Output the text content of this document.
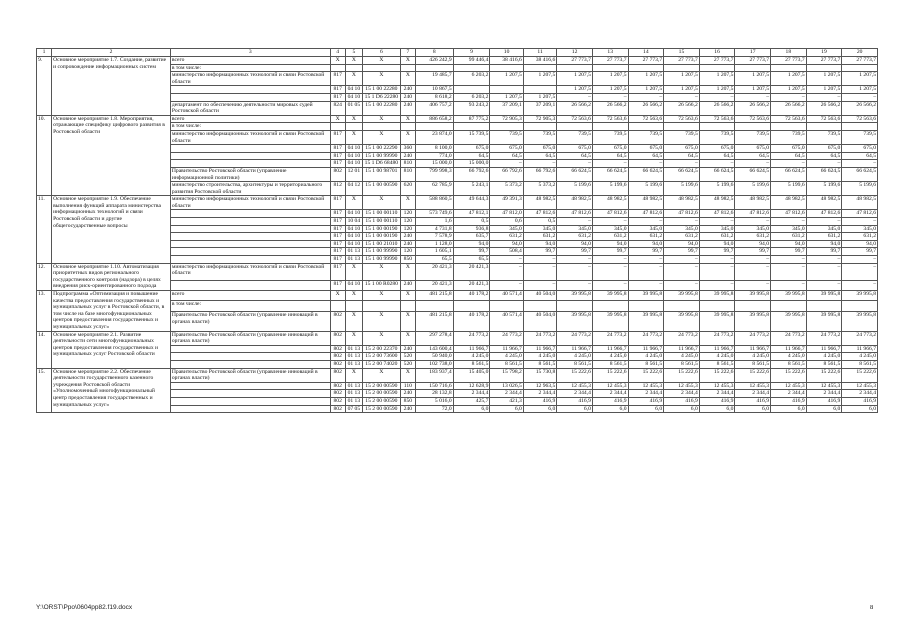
1	2	3	4	5	6	7	8	9	10	11	12	13	14	15	16	17	18	19	20
9.	Основное мероприятие 1.7. Создание, развитие и сопровождение информационных систем	всего	X	X	X	X	426 242,9	99 446,4	38 416,6	38 416,6	27 773,7	27 773,7	27 773,7	27 773,7	27 773,7	27 773,7	27 773,7	27 773,7	27 773,7
		в том числе:																	
		министерство информационных технологий и связи Ростовской области	817	X	X	X	19 485,7	6 203,2	1 207,5	1 207,5	1 207,5	1 207,5	1 207,5	1 207,5	1 207,5	1 207,5	1 207,5	1 207,5	1 207,5
			817	04 10	15 1 00 22280	240	10 867,5				1 207,5	1 207,5	1 207,5	1 207,5	1 207,5	1 207,5	1 207,5	1 207,5	1 207,5
			817	04 10	15 1 D6 22280	240	8 618,2	6 203,2	1 207,5	1 207,5	–	–	–	–	–	–	–	–	–
		департамент по обеспечению деятельности мировых судей Ростовской области	824	01 05	15 1 00 22280	240	406 757,2	93 243,2	37 209,1	37 209,1	26 566,2	26 566,2	26 566,2	26 566,2	26 566,2	26 566,2	26 566,2	26 566,2	26 566,2
10.	Основное мероприятие 1.8. Мероприятия, отражающие специфику цифрового развития в Ростовской области	всего	X	X	X	X	886 658,2	87 775,2	72 905,3	72 905,3	72 563,6	72 563,6	72 563,6	72 563,6	72 563,6	72 563,6	72 563,6	72 563,6	72 563,6
		в том числе:																	
		министерство информационных технологий и связи Ростовской области	817	X	X	X	23 874,0	15 739,5	739,5	739,5	739,5	739,5	739,5	739,5	739,5	739,5	739,5	739,5	739,5
			817	04 10	15 1 00 22290	360	8 100,0	675,0	675,0	675,0	675,0	675,0	675,0	675,0	675,0	675,0	675,0	675,0	675,0
			817	04 10	15 1 00 99990	240	774,0	64,5	64,5	64,5	64,5	64,5	64,5	64,5	64,5	64,5	64,5	64,5	64,5
			817	04 10	15 1 D6 68480	810	15 000,0	15 000,0	–	–	–	–	–	–	–	–	–	–	–
		Правительство Ростовской области (управление информационной политики)	802	12 01	15 1 00 98701	810	799 998,3	66 792,6	66 792,6	66 792,6	66 624,5	66 624,5	66 624,5	66 624,5	66 624,5	66 624,5	66 624,5	66 624,5	66 624,5
		министерство строительства, архитектуры и территориального развития Ростовской области	812	04 12	15 1 00 00590	620	62 785,9	5 243,1	5 373,2	5 373,2	5 199,6	5 199,6	5 199,6	5 199,6	5 199,6	5 199,6	5 199,6	5 199,6	5 199,6
11.	Основное мероприятие 1.9. Обеспечение выполнения функций аппарата министерства информационных технологий и связи Ростовской области и другие общегосударственные вопросы	министерство информационных технологий и связи Ростовской области	817	X	X	X	588 860,5	49 644,3	49 391,3	48 982,5	48 982,5	48 982,5	48 982,5	48 982,5	48 982,5	48 982,5	48 982,5	48 982,5	48 982,5
			817	04 10	15 1 00 00110	120	573 749,6	47 812,1	47 812,0	47 812,6	47 812,6	47 812,6	47 812,6	47 812,6	47 812,6	47 812,6	47 812,6	47 812,6	47 812,6
			817	10 04	15 1 00 00110	120	1,6	0,5	0,6	0,5	–	–	–	–	–	–	–	–	–
			817	04 10	15 1 00 00190	120	4 731,8	936,8	345,0	345,0	345,0	345,0	345,0	345,0	345,0	345,0	345,0	345,0	345,0
			817	04 10	15 1 00 00190	240	7 578,9	635,7	631,2	631,2	631,2	631,2	631,2	631,2	631,2	631,2	631,2	631,2	631,2
			817	04 10	15 1 00 21010	240	1 128,0	94,0	94,0	94,0	94,0	94,0	94,0	94,0	94,0	94,0	94,0	94,0	94,0
			817	01 13	15 1 00 99990	120	1 605,1	99,7	508,4	99,7	99,7	99,7	99,7	99,7	99,7	99,7	99,7	99,7	99,7
			817	01 13	15 1 00 99990	850	65,5	65,5	–	–	–	–	–	–	–	–	–	–	–
12.	Основное мероприятие 1.10. Автоматизация приоритетных видов регионального государственного контроля (надзора) в целях внедрения риск-ориентированного подхода	министерство информационных технологий и связи Ростовской области	817	X	X	X	20 421,3	20 421,3	–	–	–	–	–	–	–	–	–	–	–
			817	04 10	15 1 00 R0280	240	20 421,3	20 421,3	–	–	–	–	–	–	–	–	–	–	–
13.	Подпрограмма «Оптимизация и повышение качества предоставления государственных и муниципальных услуг в Ростовской области, в том числе на базе многофункциональных центров предоставления государственных и муниципальных услуг»	всего	X	X	X	X	481 215,8	40 178,2	40 571,4	40 504,0	39 995,8	39 995,8	39 995,8	39 995,8	39 995,8	39 995,8	39 995,8	39 995,8	39 995,8
		в том числе:																	
		Правительство Ростовской области (управление инноваций в органах власти)	802	X	X	X	481 215,8	40 178,2	40 571,4	40 504,0	39 995,8	39 995,8	39 995,8	39 995,8	39 995,8	39 995,8	39 995,8	39 995,8	39 995,8
14.	Основное мероприятие 2.1. Развитие деятельности сети многофункциональных центров предоставления государственных и муниципальных услуг Ростовской области	Правительство Ростовской области (управление инноваций в органах власти)	802	X	X	X	297 278,4	24 773,2	24 773,2	24 773,2	24 773,2	24 773,2	24 773,2	24 773,2	24 773,2	24 773,2	24 773,2	24 773,2	24 773,2
			802	01 13	15 2 00 22370	240	143 600,4	11 966,7	11 966,7	11 966,7	11 966,7	11 966,7	11 966,7	11 966,7	11 966,7	11 966,7	11 966,7	11 966,7	11 966,7
			802	01 13	15 2 00 73600	520	50 940,0	4 245,0	4 245,0	4 245,0	4 245,0	4 245,0	4 245,0	4 245,0	4 245,0	4 245,0	4 245,0	4 245,0	4 245,0
			802	01 13	15 2 00 74020	520	102 738,0	8 561,5	8 561,5	8 561,5	8 561,5	8 561,5	8 561,5	8 561,5	8 561,5	8 561,5	8 561,5	8 561,5	8 561,5
15.	Основное мероприятие 2.2. Обеспечение деятельности государственного казенного учреждения Ростовской области «Уполномоченный многофункциональный центр предоставления государственных и муниципальных услуг»	Правительство Ростовской области (управление инноваций в органах власти)	802	X	X	X	183 937,4	15 405,0	15 798,2	15 730,8	15 222,6	15 222,6	15 222,6	15 222,6	15 222,6	15 222,6	15 222,6	15 222,6	15 222,6
			802	01 13	15 2 00 00590	110	150 716,6	12 628,9	13 026,5	12 963,5	12 455,3	12 455,3	12 455,3	12 455,3	12 455,3	12 455,3	12 455,3	12 455,3	12 455,3
			802	01 13	15 2 00 00590	240	28 132,8	2 344,4	2 344,4	2 344,4	2 344,4	2 344,4	2 344,4	2 344,4	2 344,4	2 344,4	2 344,4	2 344,4	2 344,4
			802	01 13	15 2 00 00590	850	5 016,0	425,7	421,3	416,9	416,9	416,9	416,9	416,9	416,9	416,9	416,9	416,9	416,9
			802	07 05	15 2 00 00590	240	72,0	6,0	6,0	6,0	6,0	6,0	6,0	6,0	6,0	6,0	6,0	6,0	6,0
Y:\ORST\Ppo\0604pp82.f19.docx	8
